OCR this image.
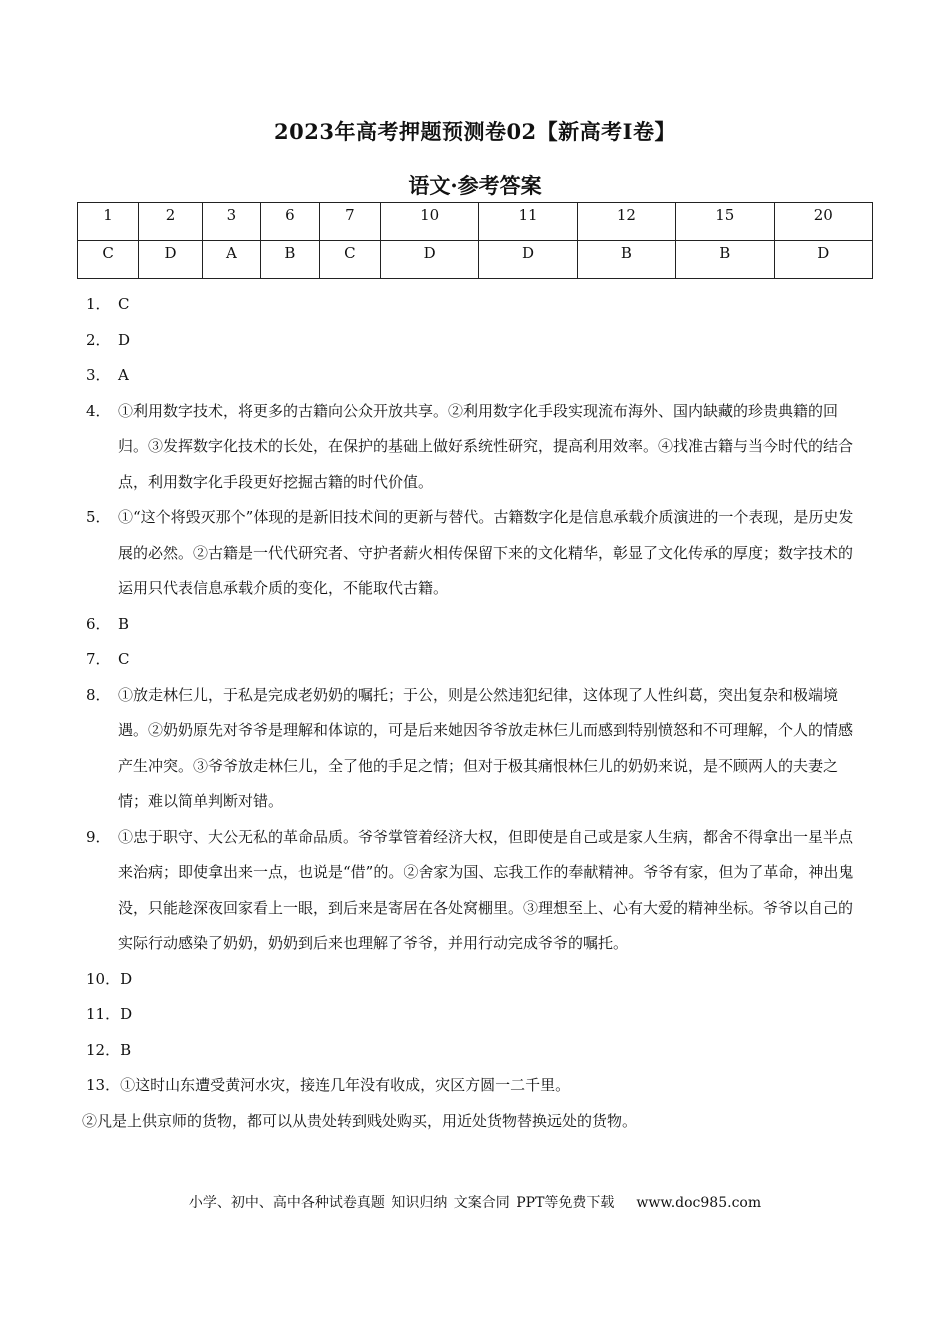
2023年高考押题预测卷02【新高考I卷】
语文·参考答案
1	2	3	6	7	10	11	12	15	20
C	D	A	B	C	D	D	B	B	D
1． C
2． D
3． A
4． ①利用数字技术，将更多的古籍向公众开放共享。②利用数字化手段实现流布海外、国内缺藏的珍贵典籍的回归。③发挥数字化技术的长处，在保护的基础上做好系统性研究，提高利用效率。④找准古籍与当今时代的结合点，利用数字化手段更好挖掘古籍的时代价值。
5． ①“这个将毁灭那个”体现的是新旧技术间的更新与替代。古籍数字化是信息承载介质演进的一个表现，是历史发展的必然。②古籍是一代代研究者、守护者薪火相传保留下来的文化精华，彰显了文化传承的厚度；数字技术的运用只代表信息承载介质的变化，不能取代古籍。
6． B
7． C
8． ①放走林仨儿，于私是完成老奶奶的嘱托；于公，则是公然违犯纪律，这体现了人性纠葛，突出复杂和极端境遇。②奶奶原先对爷爷是理解和体谅的，可是后来她因爷爷放走林仨儿而感到特别愤怒和不可理解，个人的情感产生冲突。③爷爷放走林仨儿，全了他的手足之情；但对于极其痛恨林仨儿的奶奶来说，是不顾两人的夫妻之情；难以简单判断对错。
9． ①忠于职守、大公无私的革命品质。爷爷掌管着经济大权，但即使是自己或是家人生病，都舍不得拿出一星半点来治病；即使拿出来一点，也说是“借”的。②舍家为国、忘我工作的奉献精神。爷爷有家，但为了革命，神出鬼没，只能趁深夜回家看上一眼，到后来是寄居在各处窝棚里。③理想至上、心有大爱的精神坐标。爷爷以自己的实际行动感染了奶奶，奶奶到后来也理解了爷爷，并用行动完成爷爷的嘱托。
10．D
11．D
12．B
13．①这时山东遭受黄河水灾，接连几年没有收成，灾区方圆一二千里。
②凡是上供京师的货物，都可以从贵处转到贱处购买，用近处货物替换远处的货物。
小学、初中、高中各种试卷真题 知识归纳 文案合同 PPT等免费下载 www.doc985.com
